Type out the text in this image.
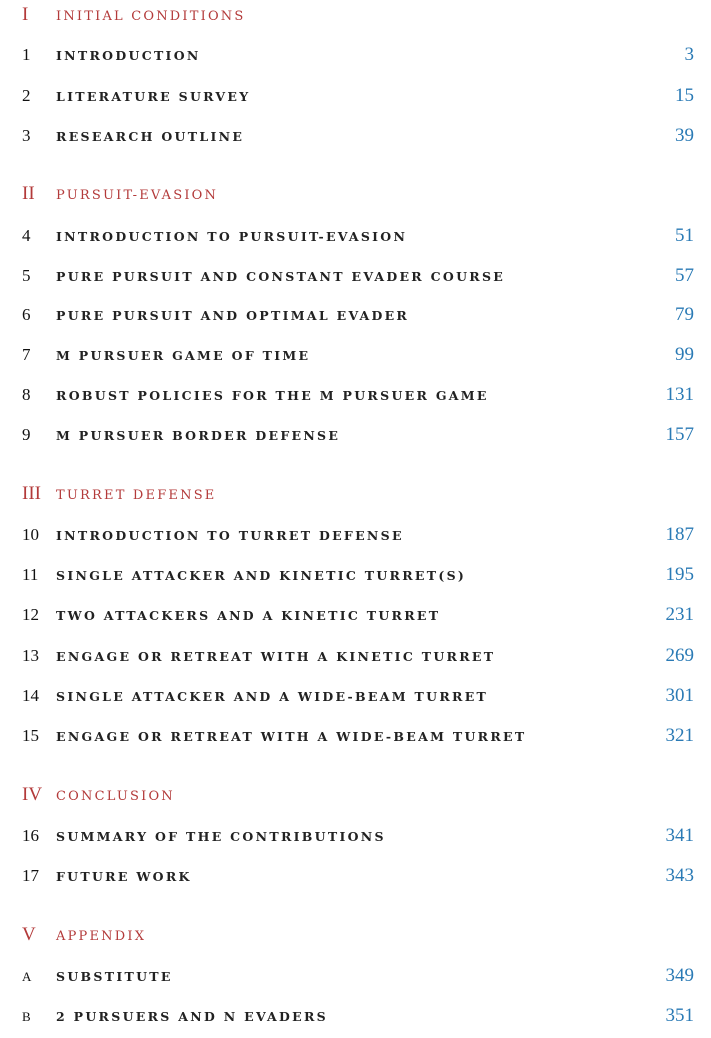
I	INITIAL CONDITIONS
1	INTRODUCTION	3
2	LITERATURE SURVEY	15
3	RESEARCH OUTLINE	39
II	PURSUIT-EVASION
4	INTRODUCTION TO PURSUIT-EVASION	51
5	PURE PURSUIT AND CONSTANT EVADER COURSE	57
6	PURE PURSUIT AND OPTIMAL EVADER	79
7	M PURSUER GAME OF TIME	99
8	ROBUST POLICIES FOR THE M PURSUER GAME	131
9	M PURSUER BORDER DEFENSE	157
III	TURRET DEFENSE
10	INTRODUCTION TO TURRET DEFENSE	187
11	SINGLE ATTACKER AND KINETIC TURRET(S)	195
12	TWO ATTACKERS AND A KINETIC TURRET	231
13	ENGAGE OR RETREAT WITH A KINETIC TURRET	269
14	SINGLE ATTACKER AND A WIDE-BEAM TURRET	301
15	ENGAGE OR RETREAT WITH A WIDE-BEAM TURRET	321
IV	CONCLUSION
16	SUMMARY OF THE CONTRIBUTIONS	341
17	FUTURE WORK	343
V	APPENDIX
A	SUBSTITUTE	349
B	2 PURSUERS AND N EVADERS	351
